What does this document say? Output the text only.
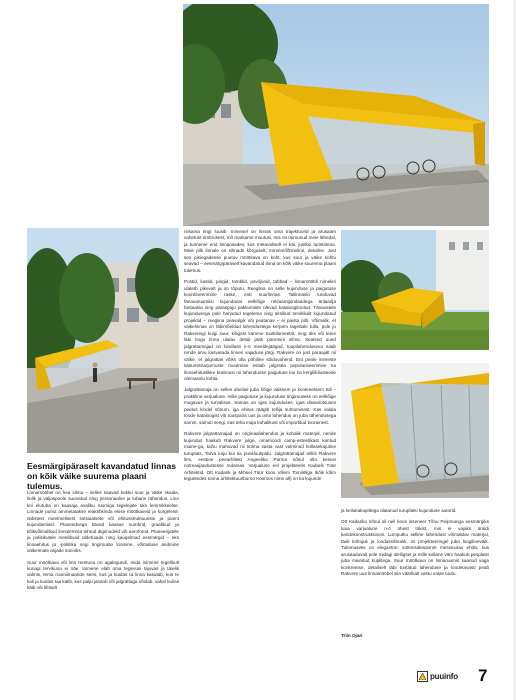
Eesmärgipäraselt kavandatud linnas on kõik väike suurema plaani tulemus.

Linnamööbel on hea silma – selles saavad kokku suur ja väike skaala, linlik ja väljaspoole suunatud ning personaalne ja tubane tähendus. Linn koi elutuba on kaasaja avaliku ruumiga tegelejate üks lemmikkeelse. Linnade puhul ammetatakse reakshkinda ekise möötkaveid ja korgeleist-üldistest meetmelisest sotsiaalsete või ehitusstruktuuriste ja puent kujundamisel. Planeedvega kävad kaasas numbrid, graafikud ja kõikvõimalikud linnulemnüt tehtud digimudeld või aerofotod. Planeerijatele ja poliitikutele meeldivad üldehaade ning kaugelmad eesmärgid – eks linnaehitus ja -poliitika ongi tingimuste loomine, võimaluse andmine väikeimate asjade sünniks.

Suur möötkava või linn teretuna on agalegundi, mida inimene tegelikult kunagi tervikuna ei näe. Inimene elab oma tegevusi tajuvas ja täielik valmis, tema ruumiimaaride sees, kus ja kuidas ta linna kasutab, kus te kali ja kuidas taa kalib, kus palju jalutab või jalgrattaga sõidab, vahel kuilas käib või lihtsalt

niisama ringi luusib. Inimesel on linnas oma trajektoorid ja arusaam vahetust ümbrusest, mõ markame muutusi, mis on toimunud meie lähedal, ja tunneme end linnaosades, kus metavaliselt ei käi, justkui turistidena. Meie pilk linnale on silmade kõrguselt, mmmmõõtmeline, detailne. Just see pisiegadesse puutuv möötkava on koht, kus suur ja väike kohtu seavad – eesmärgipäraselt kavandatud linna on kõik väike suurema plaani tulemus.

Postid, kastid, pingid, tamblid, paviljonid, tabbad – linnamööbli nimekiri ulatetb pikevalt ja on tõputu. Reeglina on selle kujunduse ja paigutuse koordineerimine raske, enti suurlinnas. Tallinnaski tunduvad fänavaruumiisi kujundavat eelkõige reklaamipindaadega ärilaadja fantaasia ning päraspaju pakkumiste ülevad kataloogitootud. Tänavatele kujundusega pole haryutud tegelema ning üksikud tervikliulit kujundatud projektid – reeglina peavalgik või peatanav – ei paista pilti. Võimalik, et väikelinnas on läbimõeldud lahendustega kerpem tagedale tulla, pole ju Rakvereigi kuigi suur, kõigest kümme tuutkilomeetrit, ning üks või teine läbi kogu linna ulatav detail jääb paremini silma. Sealsed uued jalgrattamajad on kindlasti n-ö meeldejäägad, tuupilahenduseva saab rende arvu kasvatada linnes vajaduse järgi. Rakvere on just paraajalt nii väike, et jalgrattas võiks olla põhiline sõiduvahend. Ent peale inimeste käitumisharjumuste muutmise esitab jalgratta populariseerimine ka linnaehituslikke küsimusi nii lahendusse paigutuse kui ka kergliikliusteede olemasolu kohta.

Jalgrattamaja on selles aheilas juba kõige väiksem ja konkreetsem tüli – praktiline varjualune, mille paigutuse ja kujunduse tingimuseks on eelkõige mugavus ja turvalisus. Samas on igas kujunduses, igas disainiotsuses peidus kindel sõnum, iga ehitus räägib tellija suhtumisest. Kas valida toode kataloogist või tuuspaira uus ja oma lahendus on juba tähendusega samm, samuti seegi, kas teha maja kohalikust või importitud toorainest.

Rakvere jalgrattamajad on originaallahendus ja kohalik materjal, nende kujundus haakub Rakvere julge, omamoodi camp-esteetikast kantud maine-ga, kuhu mahuvad nii külma sasta vast valminud kollasekujuline turuplats, Tarva kuju kui ka punkluukpidu. Jalgrattamajad telliis Rakvere linn, eesboe peearhitekt Angeelika Parma sõnul olla kesnei notmaajandustesse mdamas. Varjualuse eel projekteeris Kadarik Tüür Arhitektid, Ott Kadarik ja Mihkel Tüür koos Villem Tomiistiga Ikõik kõim tegutsedes toona arhitektuuriburoo Kosmos nime all) on ka kujunde

ja keilukakupittega ülatanud turuplatsi kujunduse autorid.

Ott Kadariku sõnul oli neil koos inseneer Tõnu Peipmanga eesmärgiks luua varjualune n-ö ühest tükist, mis ei vajaks üraldi karidekonstruktsiooni. Lumputku selline lahendust võimaldav materjal, täeli kolmjuk ja loodussõbralik, ös projekteeringel juba loogilineväik. Tulemuseks on elegantne, vottmisalesannet messinutav ehitis, kus arusaadavalt pole midagi üleliigset ja mille kollane värv haakub pesplatsi juba mainitud kuplitega. Suur möötkava on linnaruumis saanud vaga konkreetse, detailselt läbi tootatud lahenduse ja loodetavasti peab Rakvere uus linnamööbel siin väärikalt vastu vaste tuutu.

Triin Ojari
puuinfo 7
